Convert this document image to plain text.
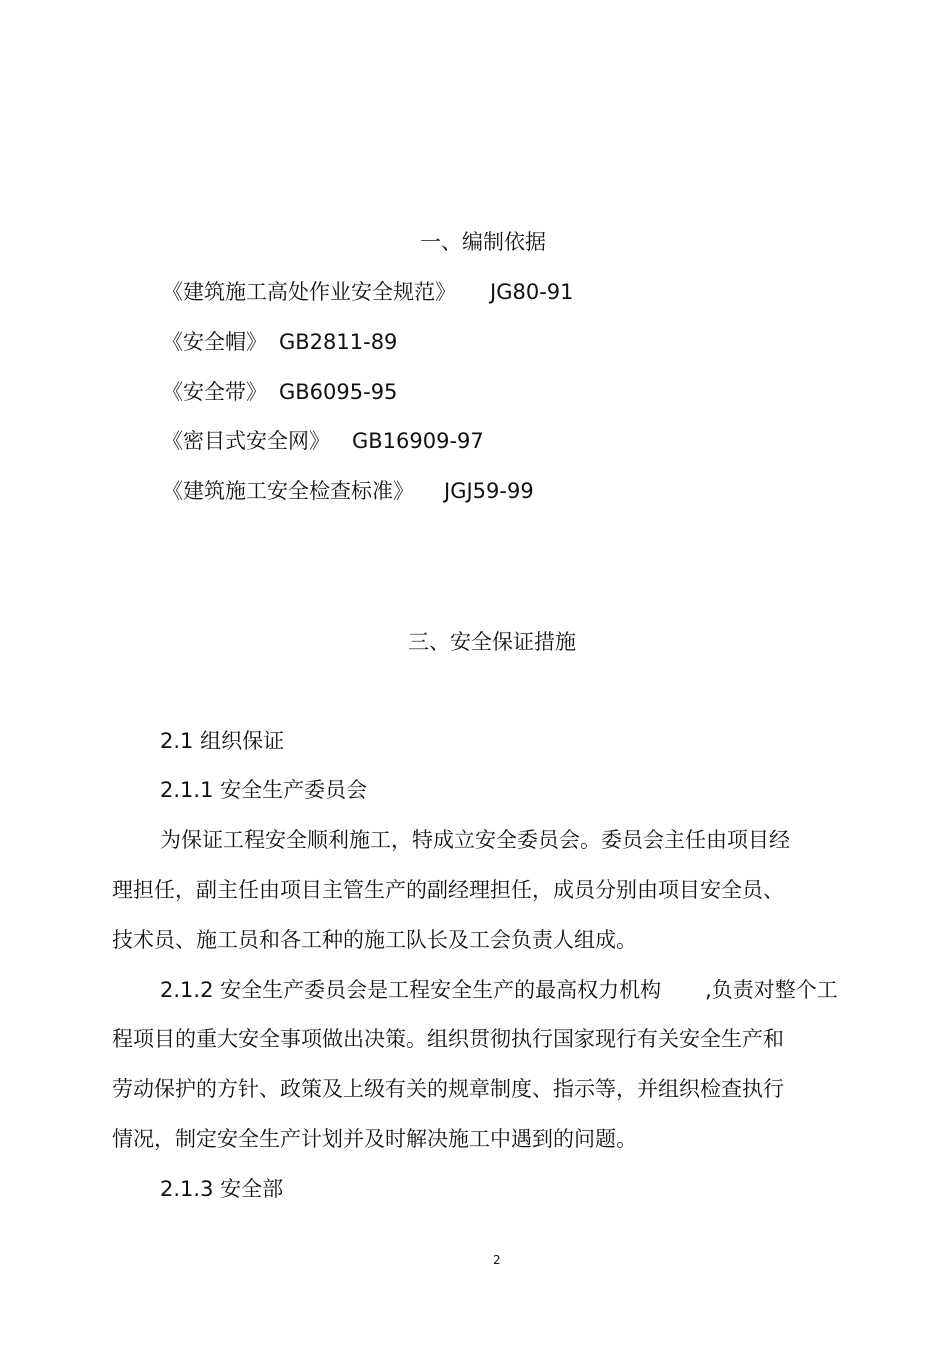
一、编制依据
《建筑施工高处作业安全规范》 JG80-91
《安全帽》 GB2811-89
《安全带》 GB6095-95
《密目式安全网》 GB16909-97
《建筑施工安全检查标准》 JGJ59-99
三、安全保证措施
2.1 组织保证
2.1.1 安全生产委员会
为保证工程安全顺利施工，特成立安全委员会。委员会主任由项目经
理担任，副主任由项目主管生产的副经理担任，成员分别由项目安全员、
技术员、施工员和各工种的施工队长及工会负责人组成。
2.1.2 安全生产委员会是工程安全生产的最高权力机构 ,负责对整个工
程项目的重大安全事项做出决策。组织贯彻执行国家现行有关安全生产和
劳动保护的方针、政策及上级有关的规章制度、指示等，并组织检查执行
情况，制定安全生产计划并及时解决施工中遇到的问题。
2.1.3 安全部
2
